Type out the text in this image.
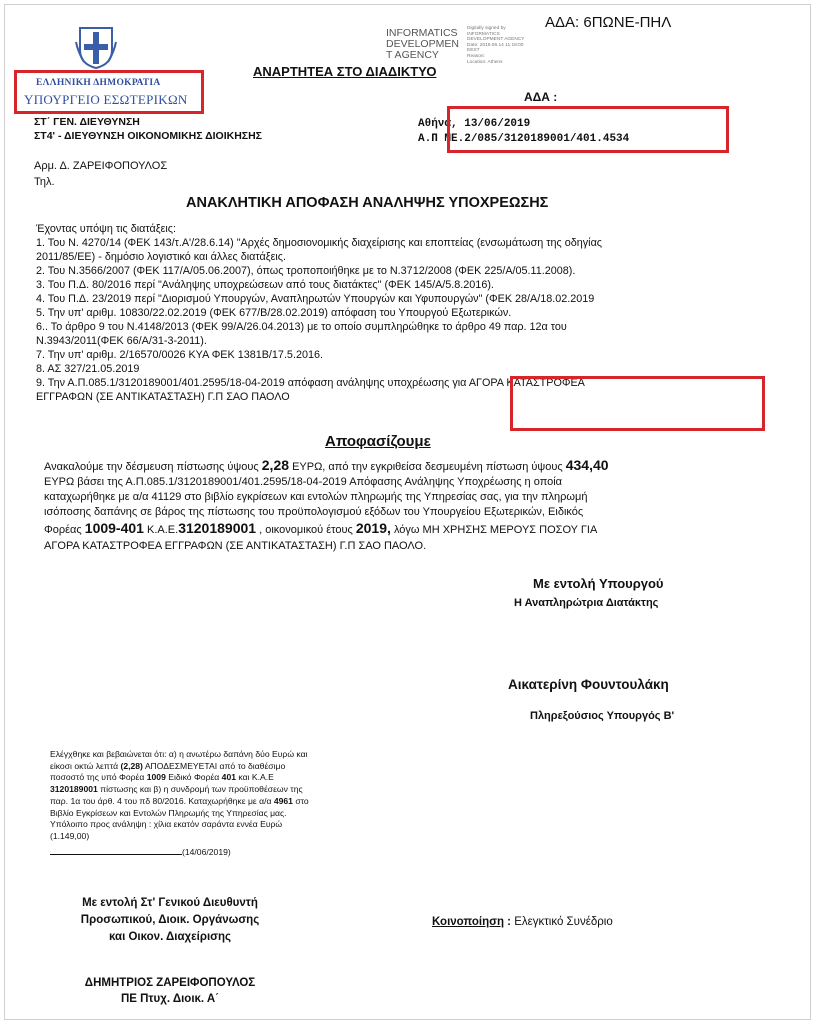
ΑΔΑ: 6ΠΩΝΕ-ΠΗΛ
ΕΛΛΗΝΙΚΗ ΔΗΜΟΚΡΑΤΙΑ
ΥΠΟΥΡΓΕΙΟ ΕΣΩΤΕΡΙΚΩΝ
INFORMATICS
DEVELOPMEN
T AGENCY
Digitally signed by
INFORMATICS
DEVELOPMENT AGENCY
Date: 2019.06.14 11:18:00
EEST
Reason:
Location: Athens
ΑΝΑΡΤΗΤΕΑ ΣΤΟ ΔΙΑΔΙΚΤΥΟ
ΑΔΑ :
ΣΤ΄ ΓΕΝ. ΔΙΕΥΘΥΝΣΗ
ΣΤ4' - ΔΙΕΥΘΥΝΣΗ ΟΙΚΟΝΟΜΙΚΗΣ ΔΙΟΙΚΗΣΗΣ
Αθήνα, 13/06/2019
Α.Π ΜΕ.2/085/3120189001/401.4534
Αρμ. Δ. ΖΑΡΕΙΦΟΠΟΥΛΟΣ
Τηλ.
ΑΝΑΚΛΗΤΙΚΗ ΑΠΟΦΑΣΗ ΑΝΑΛΗΨΗΣ ΥΠΟΧΡΕΩΣΗΣ
Έχοντας υπόψη τις διατάξεις:
1. Του Ν. 4270/14 (ΦΕΚ 143/τ.Α'/28.6.14) "Αρχές δημοσιονομικής διαχείρισης και εποπτείας (ενσωμάτωση της οδηγίας
2011/85/ΕΕ) - δημόσιο λογιστικό και άλλες διατάξεις.
2. Του Ν.3566/2007 (ΦΕΚ 117/Α/05.06.2007), όπως τροποποιήθηκε με το Ν.3712/2008 (ΦΕΚ 225/Α/05.11.2008).
3. Του Π.Δ. 80/2016 περί "Ανάληψης υποχρεώσεων από τους διατάκτες" (ΦΕΚ 145/Α/5.8.2016).
4. Του Π.Δ. 23/2019 περί "Διορισμού Υπουργών, Αναπληρωτών Υπουργών και Υφυπουργών" (ΦΕΚ 28/Α/18.02.2019
5. Την υπ' αριθμ. 10830/22.02.2019 (ΦΕΚ 677/Β/28.02.2019) απόφαση του Υπουργού Εξωτερικών.
6.. Το άρθρο 9 του Ν.4148/2013 (ΦΕΚ 99/Α/26.04.2013) με το οποίο συμπληρώθηκε το άρθρο 49 παρ. 12α του
Ν.3943/2011(ΦΕΚ 66/Α/31-3-2011).
7. Την υπ' αριθμ. 2/16570/0026 ΚΥΑ ΦΕΚ 1381Β/17.5.2016.
8. ΑΣ 327/21.05.2019
9. Την Α.Π.085.1/3120189001/401.2595/18-04-2019 απόφαση ανάληψης υποχρέωσης για ΑΓΟΡΑ ΚΑΤΑΣΤΡΟΦΕΑ
ΕΓΓΡΑΦΩΝ (ΣΕ ΑΝΤΙΚΑΤΑΣΤΑΣΗ) Γ.Π ΣΑΟ ΠΑΟΛΟ
Αποφασίζουμε
Ανακαλούμε την δέσμευση πίστωσης ύψους 2,28 ΕΥΡΩ, από την εγκριθείσα δεσμευμένη πίστωση ύψους 434,40
ΕΥΡΩ βάσει της Α.Π.085.1/3120189001/401.2595/18-04-2019 Απόφασης Ανάληψης Υποχρέωσης η οποία
καταχωρήθηκε με α/α 41129 στο βιβλίο εγκρίσεων και εντολών πληρωμής της Υπηρεσίας σας, για την πληρωμή
ισόποσης δαπάνης σε βάρος της πίστωσης του προϋπολογισμού εξόδων του Υπουργείου Εξωτερικών, Ειδικός
Φορέας 1009-401 Κ.Α.Ε.3120189001 , οικονομικού έτους 2019, λόγω ΜΗ ΧΡΗΣΗΣ ΜΕΡΟΥΣ ΠΟΣΟΥ ΓΙΑ
ΑΓΟΡΑ ΚΑΤΑΣΤΡΟΦΕΑ ΕΓΓΡΑΦΩΝ (ΣΕ ΑΝΤΙΚΑΤΑΣΤΑΣΗ) Γ.Π ΣΑΟ ΠΑΟΛΟ.
Με εντολή Υπουργού
Η Αναπληρώτρια Διατάκτης
Αικατερίνη Φουντουλάκη
Πληρεξούσιος Υπουργός Β'
Ελέγχθηκε και βεβαιώνεται ότι: α) η ανωτέρω δαπάνη δύο Ευρώ και
είκοσι οκτώ λεπτά (2,28) ΑΠΟΔΕΣΜΕΥΕΤΑΙ από το διαθέσιμο
ποσοστό της υπό Φορέα 1009 Ειδικό Φορέα 401 και Κ.Α.Ε
3120189001 πίστωσης και β) η συνδρομή των προϋποθέσεων της
παρ. 1α του άρθ. 4 του πδ 80/2016. Καταχωρήθηκε με α/α 4961 στο
Βιβλίο Εγκρίσεων και Εντολών Πληρωμής της Υπηρεσίας μας.
Υπόλοιπο προς ανάληψη : χίλια εκατόν σαράντα εννέα Ευρώ
(1.149,00)
(14/06/2019)
Με εντολή Στ' Γενικού Διευθυντή
Προσωπικού, Διοικ. Οργάνωσης
και Οικον. Διαχείρισης
ΔΗΜΗΤΡΙΟΣ ΖΑΡΕΙΦΟΠΟΥΛΟΣ
ΠΕ Πτυχ. Διοικ. Α΄
Κοινοποίηση : Ελεγκτικό Συνέδριο
